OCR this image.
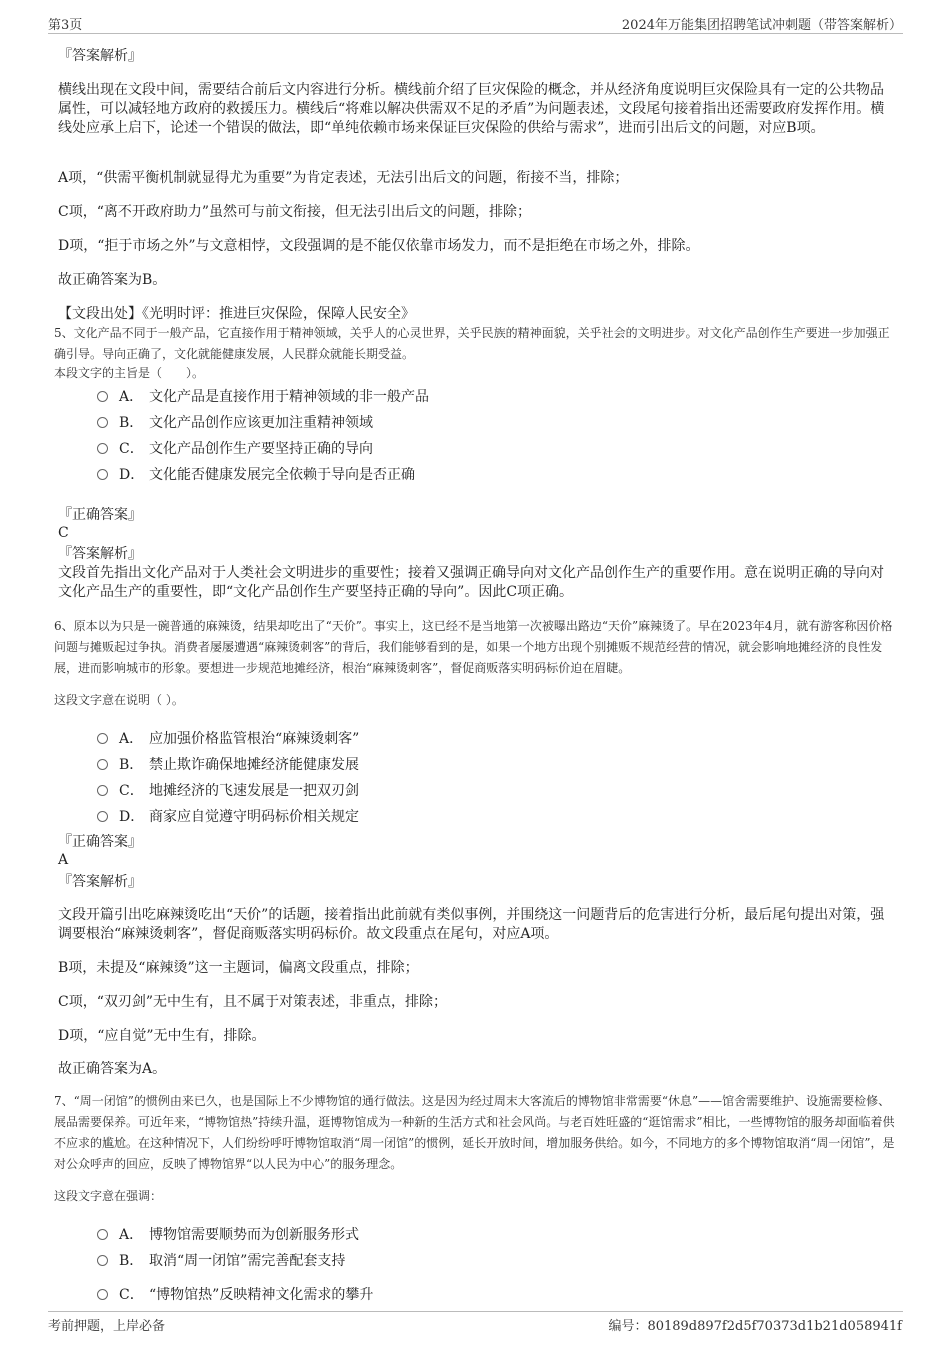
第3页	2024年万能集团招聘笔试冲刺题（带答案解析）
『答案解析』
横线出现在文段中间，需要结合前后文内容进行分析。横线前介绍了巨灾保险的概念，并从经济角度说明巨灾保险具有一定的公共物品属性，可以减轻地方政府的救援压力。横线后“将难以解决供需双不足的矛盾”为问题表述，文段尾句接着指出还需要政府发挥作用。横线处应承上启下，论述一个错误的做法，即“单纯依赖市场来保证巨灾保险的供给与需求”，进而引出后文的问题，对应B项。
A项，“供需平衡机制就显得尤为重要”为肯定表述，无法引出后文的问题，衔接不当，排除；
C项，“离不开政府助力”虽然可与前文衔接，但无法引出后文的问题，排除；
D项，“拒于市场之外”与文意相悖，文段强调的是不能仅依靠市场发力，而不是拒绝在市场之外，排除。
故正确答案为B。
【文段出处】《光明时评：推进巨灾保险，保障人民安全》
5、文化产品不同于一般产品，它直接作用于精神领域，关乎人的心灵世界，关乎民族的精神面貌，关乎社会的文明进步。对文化产品创作生产要进一步加强正确引导。导向正确了，文化就能健康发展，人民群众就能长期受益。
本段文字的主旨是（　　）。
A． 文化产品是直接作用于精神领域的非一般产品
B． 文化产品创作应该更加注重精神领域
C． 文化产品创作生产要坚持正确的导向
D． 文化能否健康发展完全依赖于导向是否正确
『正确答案』
C
『答案解析』
文段首先指出文化产品对于人类社会文明进步的重要性；接着又强调正确导向对文化产品创作生产的重要作用。意在说明正确的导向对文化产品生产的重要性，即“文化产品创作生产要坚持正确的导向”。因此C项正确。
6、原本以为只是一碗普通的麻辣烫，结果却吃出了“天价”。事实上，这已经不是当地第一次被曝出路边“天价”麻辣烫了。早在2023年4月，就有游客称因价格问题与摊贩起过争执。消费者屡屡遭遇“麻辣烫刺客”的背后，我们能够看到的是，如果一个地方出现个别摊贩不规范经营的情况，就会影响地摊经济的良性发展，进而影响城市的形象。要想进一步规范地摊经济，根治“麻辣烫刺客”，督促商贩落实明码标价迫在眉睫。
这段文字意在说明（ ）。
A． 应加强价格监管根治“麻辣烫刺客”
B． 禁止欺诈确保地摊经济能健康发展
C． 地摊经济的飞速发展是一把双刃剑
D． 商家应自觉遵守明码标价相关规定
『正确答案』
A
『答案解析』
文段开篇引出吃麻辣烫吃出“天价”的话题，接着指出此前就有类似事例，并围绕这一问题背后的危害进行分析，最后尾句提出对策，强调要根治“麻辣烫刺客”，督促商贩落实明码标价。故文段重点在尾句，对应A项。
B项，未提及“麻辣烫”这一主题词，偏离文段重点，排除；
C项，“双刃剑”无中生有，且不属于对策表述，非重点，排除；
D项，“应自觉”无中生有，排除。
故正确答案为A。
7、“周一闭馆”的惯例由来已久，也是国际上不少博物馆的通行做法。这是因为经过周末大客流后的博物馆非常需要“休息”——馆舍需要维护、设施需要检修、展品需要保养。可近年来，“博物馆热”持续升温，逛博物馆成为一种新的生活方式和社会风尚。与老百姓旺盛的“逛馆需求”相比，一些博物馆的服务却面临着供不应求的尴尬。在这种情况下，人们纷纷呼吁博物馆取消“周一闭馆”的惯例，延长开放时间，增加服务供给。如今，不同地方的多个博物馆取消“周一闭馆”，是对公众呼声的回应，反映了博物馆界“以人民为中心”的服务理念。
这段文字意在强调：
A． 博物馆需要顺势而为创新服务形式
B． 取消“周一闭馆”需完善配套支持
C． “博物馆热”反映精神文化需求的攀升
考前押题，上岸必备	编号：80189d897f2d5f70373d1b21d058941f
